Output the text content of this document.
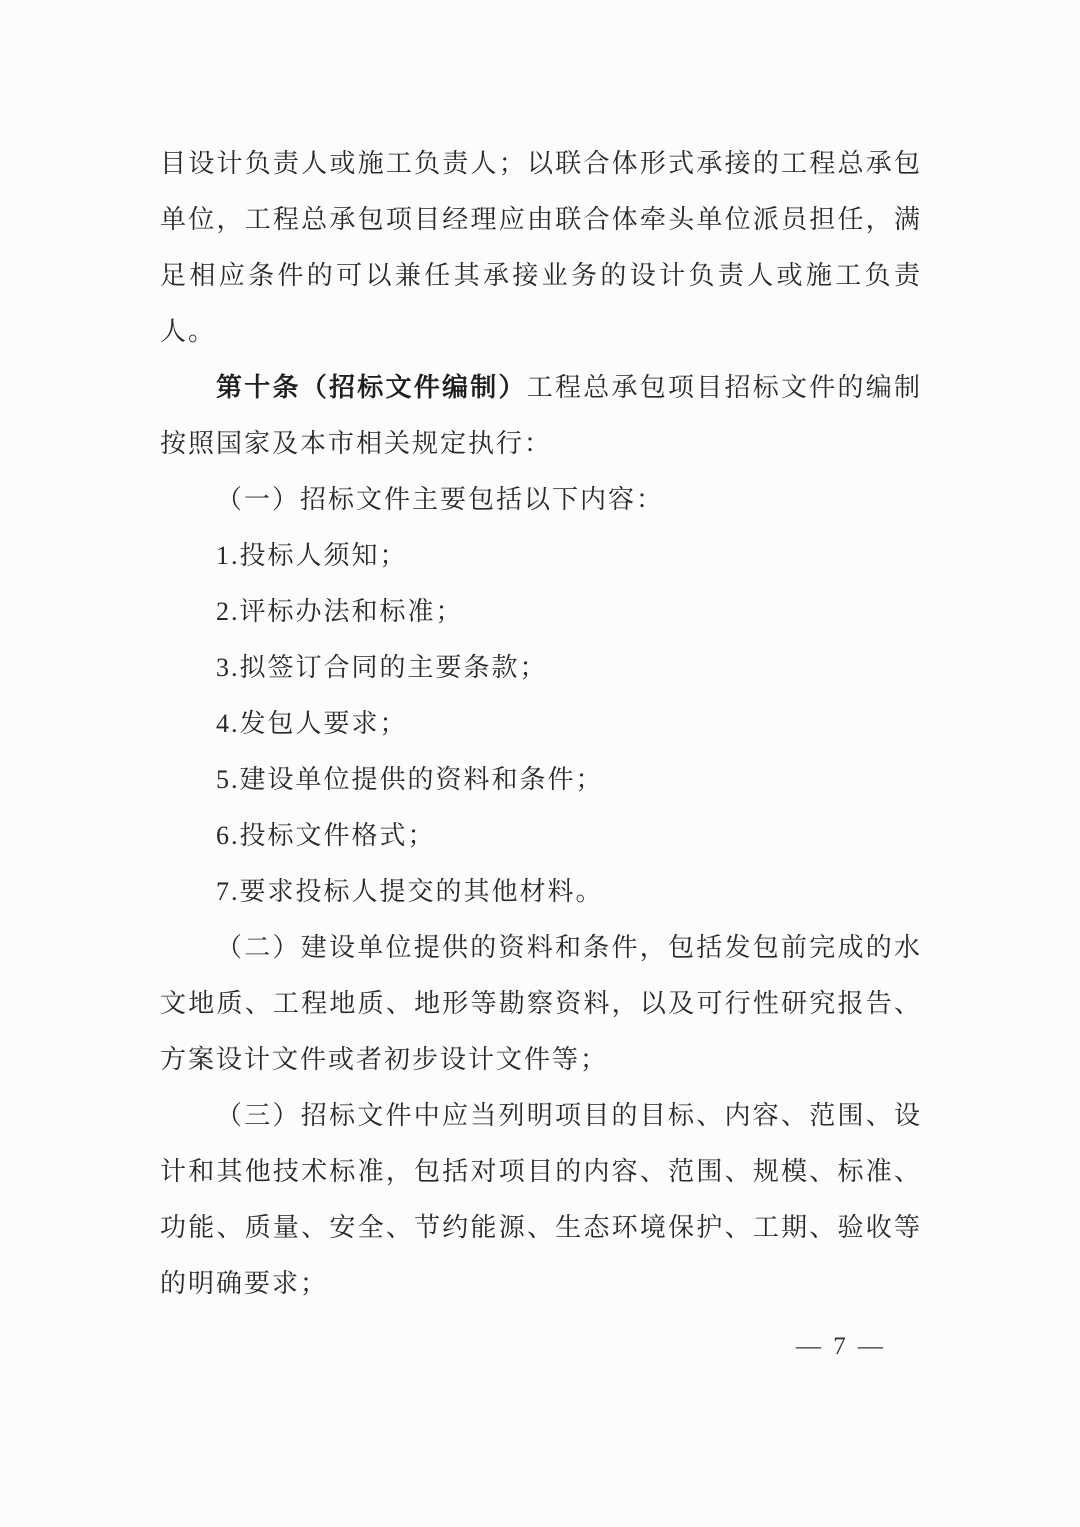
目设计负责人或施工负责人；以联合体形式承接的工程总承包单位，工程总承包项目经理应由联合体牵头单位派员担任，满足相应条件的可以兼任其承接业务的设计负责人或施工负责人。

第十条（招标文件编制）工程总承包项目招标文件的编制按照国家及本市相关规定执行：

（一）招标文件主要包括以下内容：

1.投标人须知；

2.评标办法和标准；

3.拟签订合同的主要条款；

4.发包人要求；

5.建设单位提供的资料和条件；

6.投标文件格式；

7.要求投标人提交的其他材料。

（二）建设单位提供的资料和条件，包括发包前完成的水文地质、工程地质、地形等勘察资料，以及可行性研究报告、方案设计文件或者初步设计文件等；

（三）招标文件中应当列明项目的目标、内容、范围、设计和其他技术标准，包括对项目的内容、范围、规模、标准、功能、质量、安全、节约能源、生态环境保护、工期、验收等的明确要求；

— 7 —
